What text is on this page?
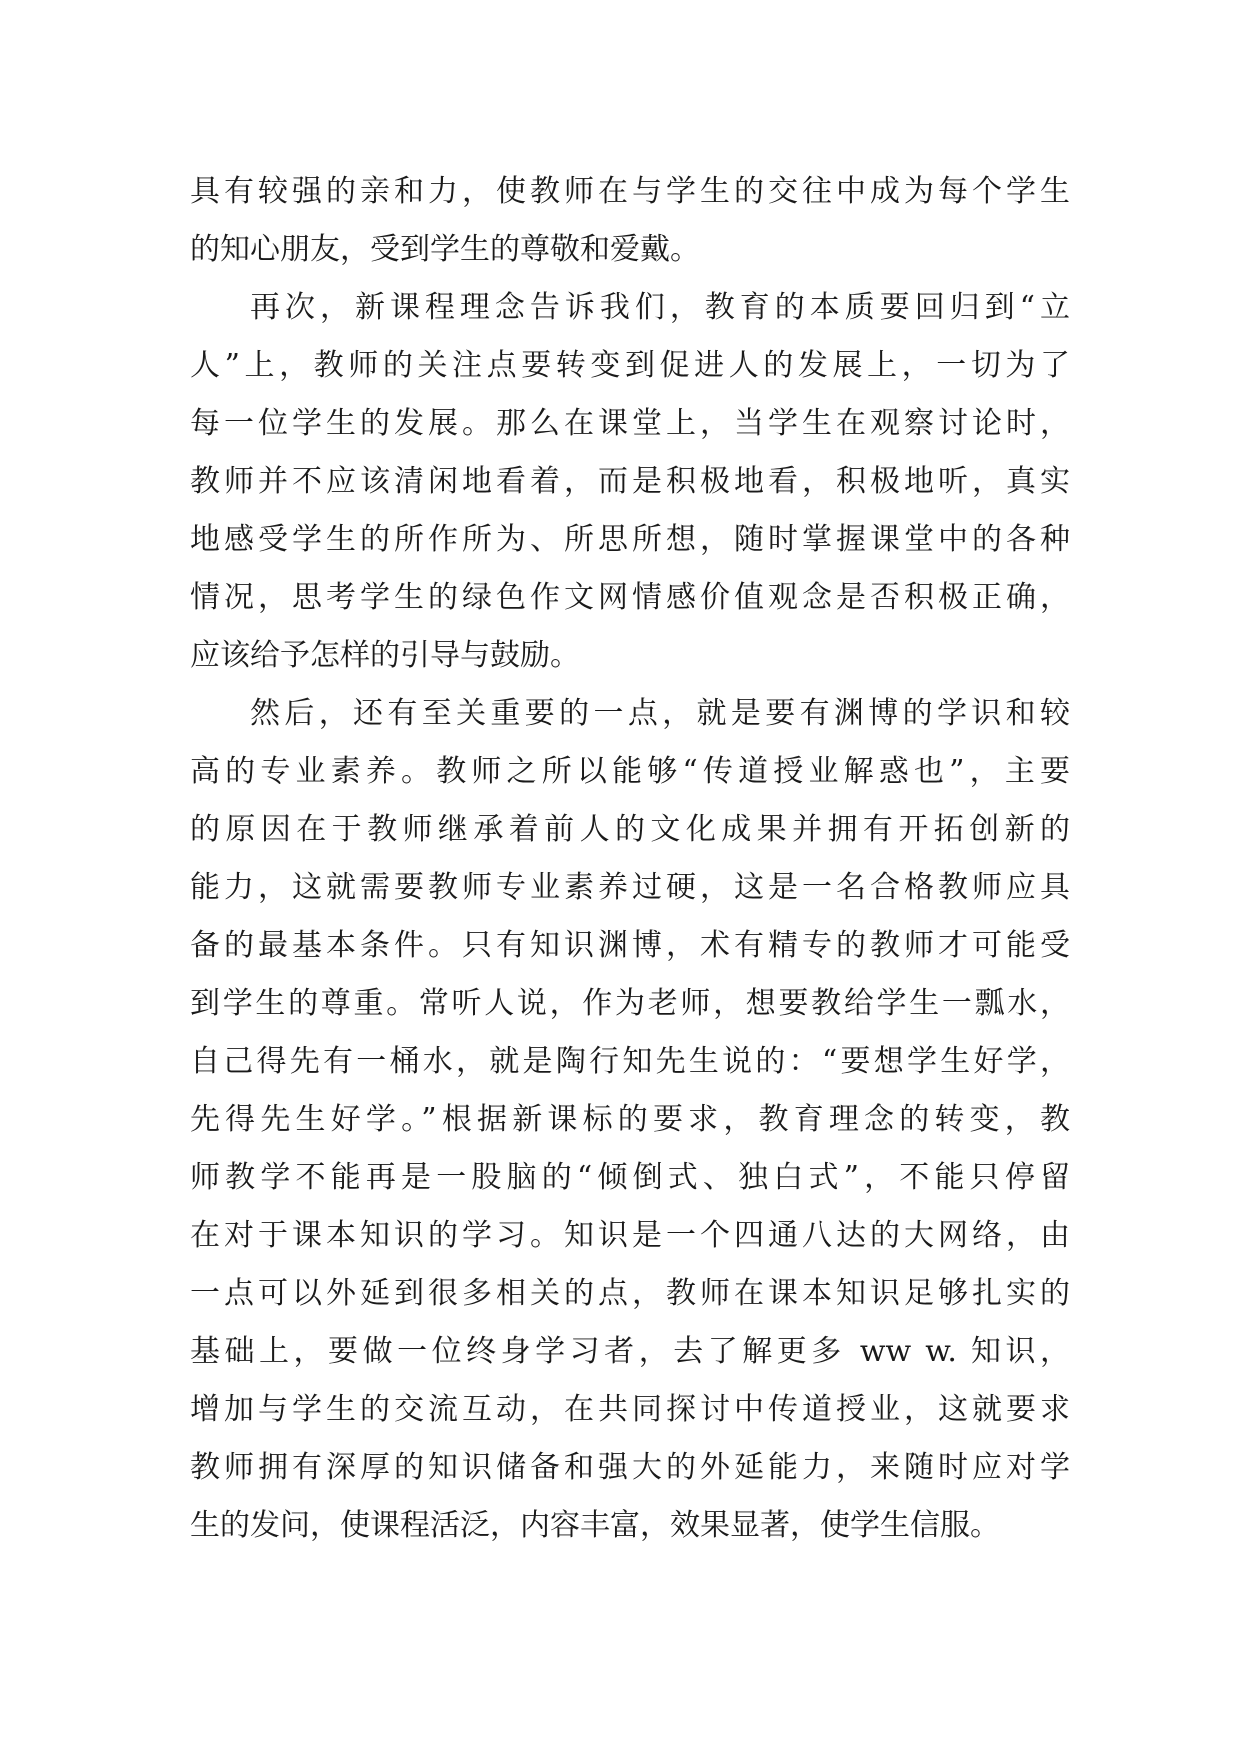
具有较强的亲和力，使教师在与学生的交往中成为每个学生
的知心朋友，受到学生的尊敬和爱戴。
再次，新课程理念告诉我们，教育的本质要回归到“立
人”上，教师的关注点要转变到促进人的发展上，一切为了
每一位学生的发展。那么在课堂上，当学生在观察讨论时，
教师并不应该清闲地看着，而是积极地看，积极地听，真实
地感受学生的所作所为、所思所想，随时掌握课堂中的各种
情况，思考学生的绿色作文网情感价值观念是否积极正确，
应该给予怎样的引导与鼓励。
然后，还有至关重要的一点，就是要有渊博的学识和较
高的专业素养。教师之所以能够“传道授业解惑也”，主要
的原因在于教师继承着前人的文化成果并拥有开拓创新的
能力，这就需要教师专业素养过硬，这是一名合格教师应具
备的最基本条件。只有知识渊博，术有精专的教师才可能受
到学生的尊重。常听人说，作为老师，想要教给学生一瓢水，
自己得先有一桶水，就是陶行知先生说的：“要想学生好学，
先得先生好学。”根据新课标的要求，教育理念的转变，教
师教学不能再是一股脑的“倾倒式、独白式”，不能只停留
在对于课本知识的学习。知识是一个四通八达的大网络，由
一点可以外延到很多相关的点，教师在课本知识足够扎实的
基础上，要做一位终身学习者，去了解更多 ww w. 知识，
增加与学生的交流互动，在共同探讨中传道授业，这就要求
教师拥有深厚的知识储备和强大的外延能力，来随时应对学
生的发问，使课程活泛，内容丰富，效果显著，使学生信服。
